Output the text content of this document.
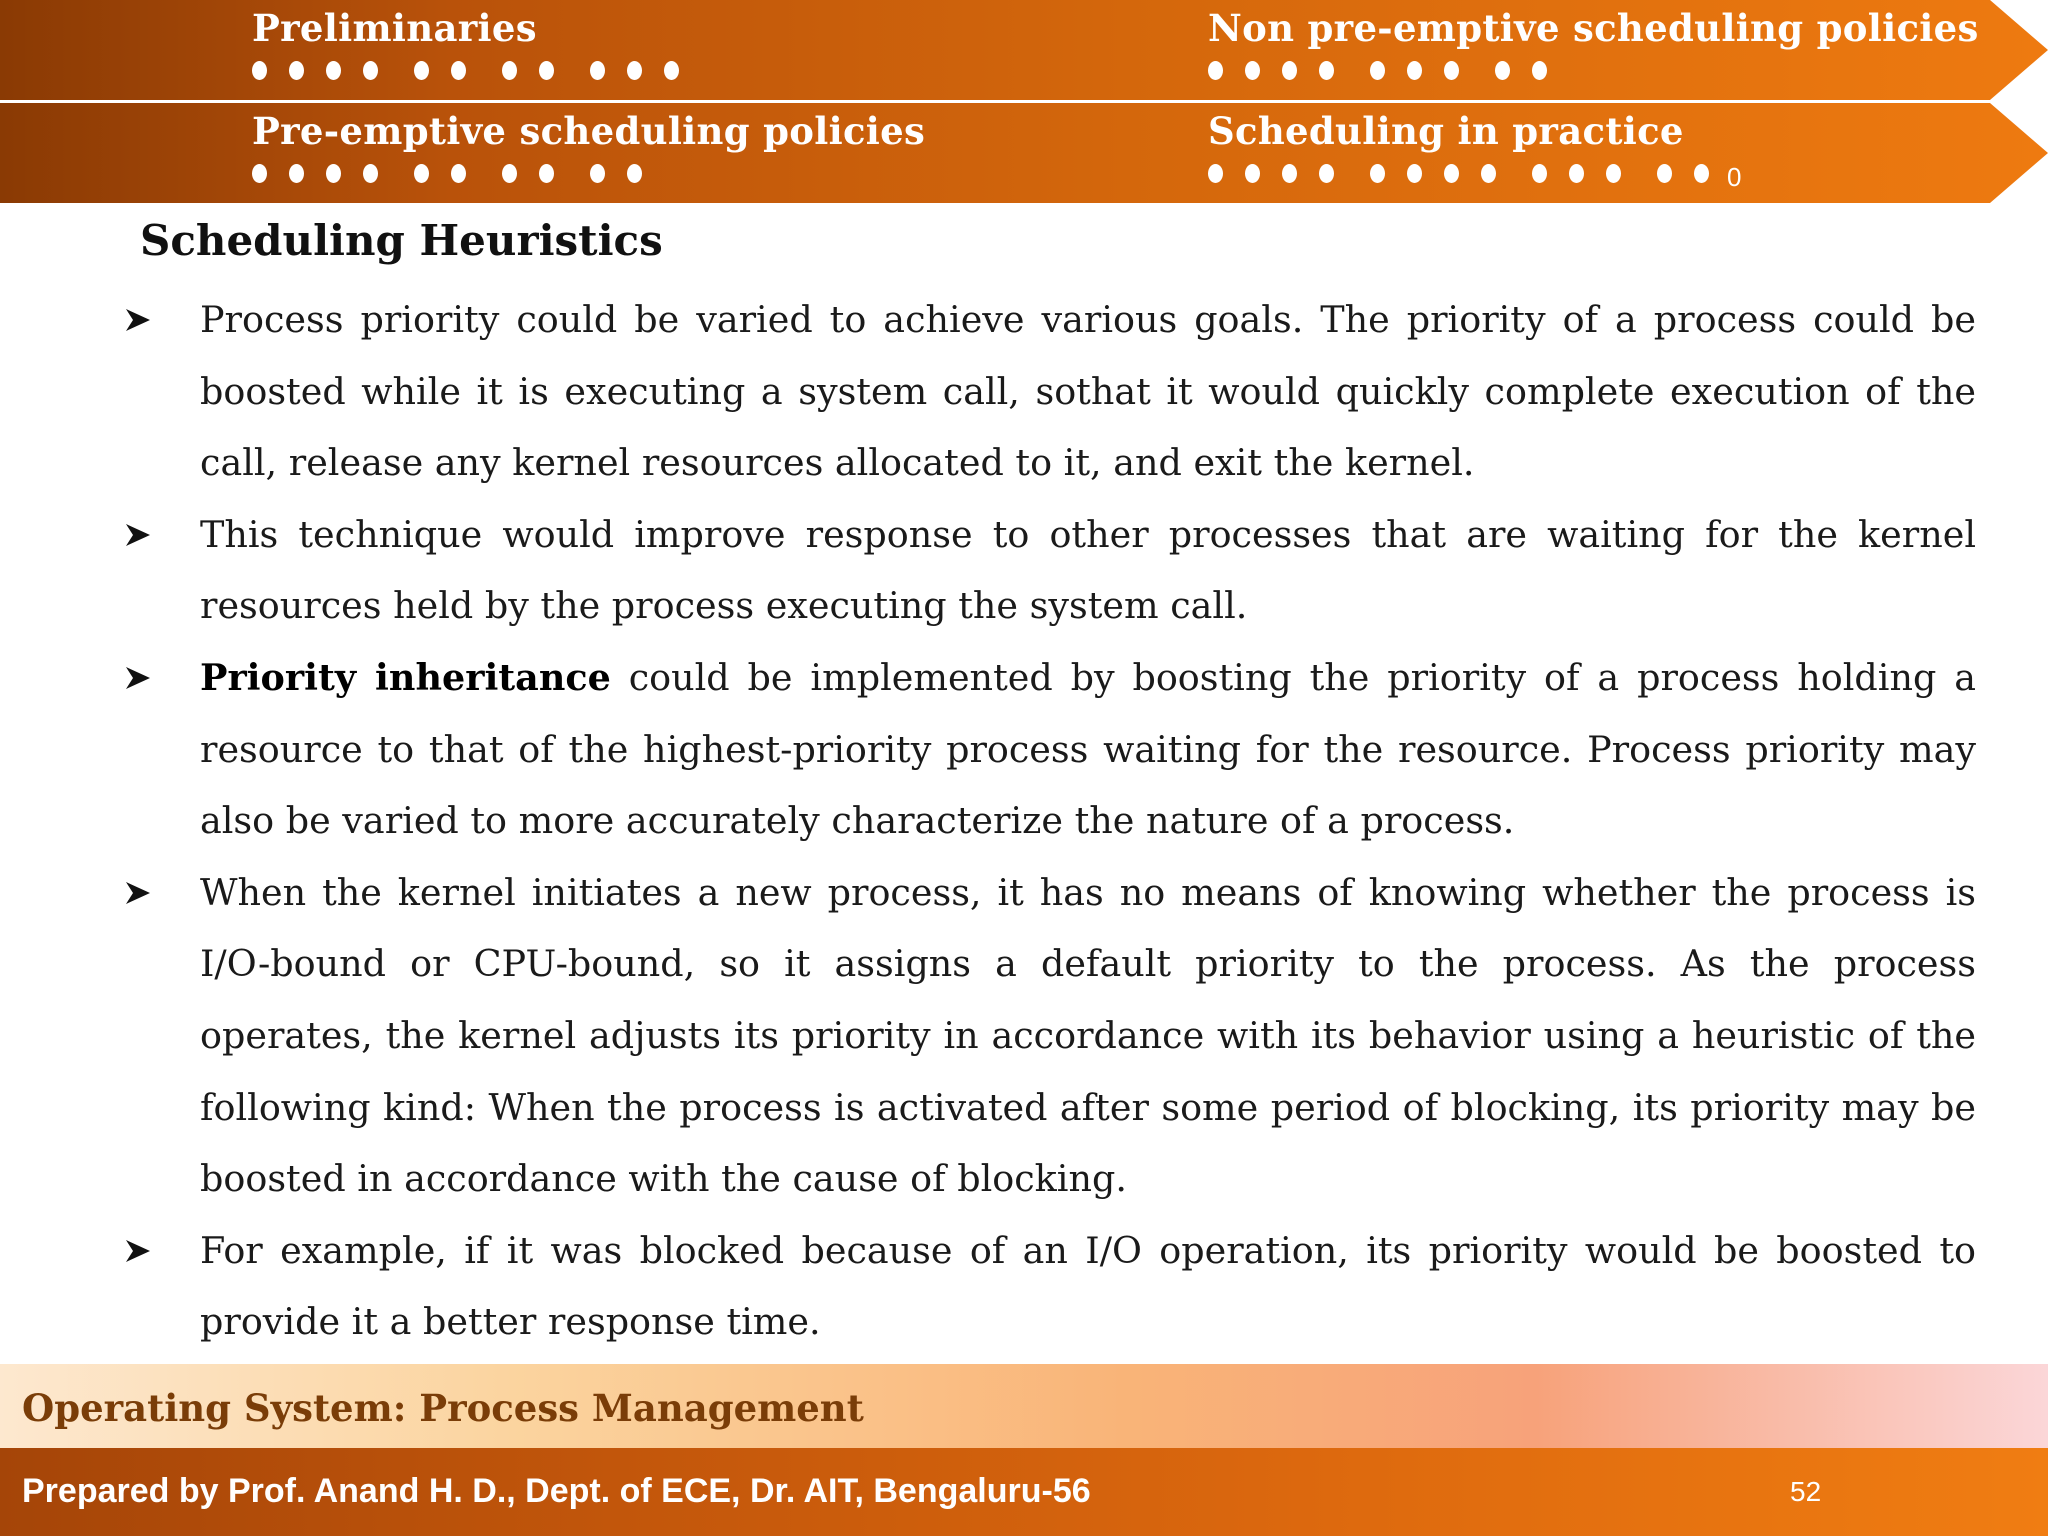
Preliminaries	Non pre-emptive scheduling policies
Pre-emptive scheduling policies	Scheduling in practice
0
Scheduling Heuristics
Process priority could be varied to achieve various goals. The priority of a process could be boosted while it is executing a system call, sothat it would quickly complete execution of the call, release any kernel resources allocated to it, and exit the kernel.
This technique would improve response to other processes that are waiting for the kernel resources held by the process executing the system call.
Priority inheritance could be implemented by boosting the priority of a process holding a resource to that of the highest-priority process waiting for the resource. Process priority may also be varied to more accurately characterize the nature of a process.
When the kernel initiates a new process, it has no means of knowing whether the process is I/O-bound or CPU-bound, so it assigns a default priority to the process. As the process operates, the kernel adjusts its priority in accordance with its behavior using a heuristic of the following kind: When the process is activated after some period of blocking, its priority may be boosted in accordance with the cause of blocking.
For example, if it was blocked because of an I/O operation, its priority would be boosted to provide it a better response time.
Operating System: Process Management
Prepared by Prof. Anand H. D., Dept. of ECE, Dr. AIT, Bengaluru-56	52
